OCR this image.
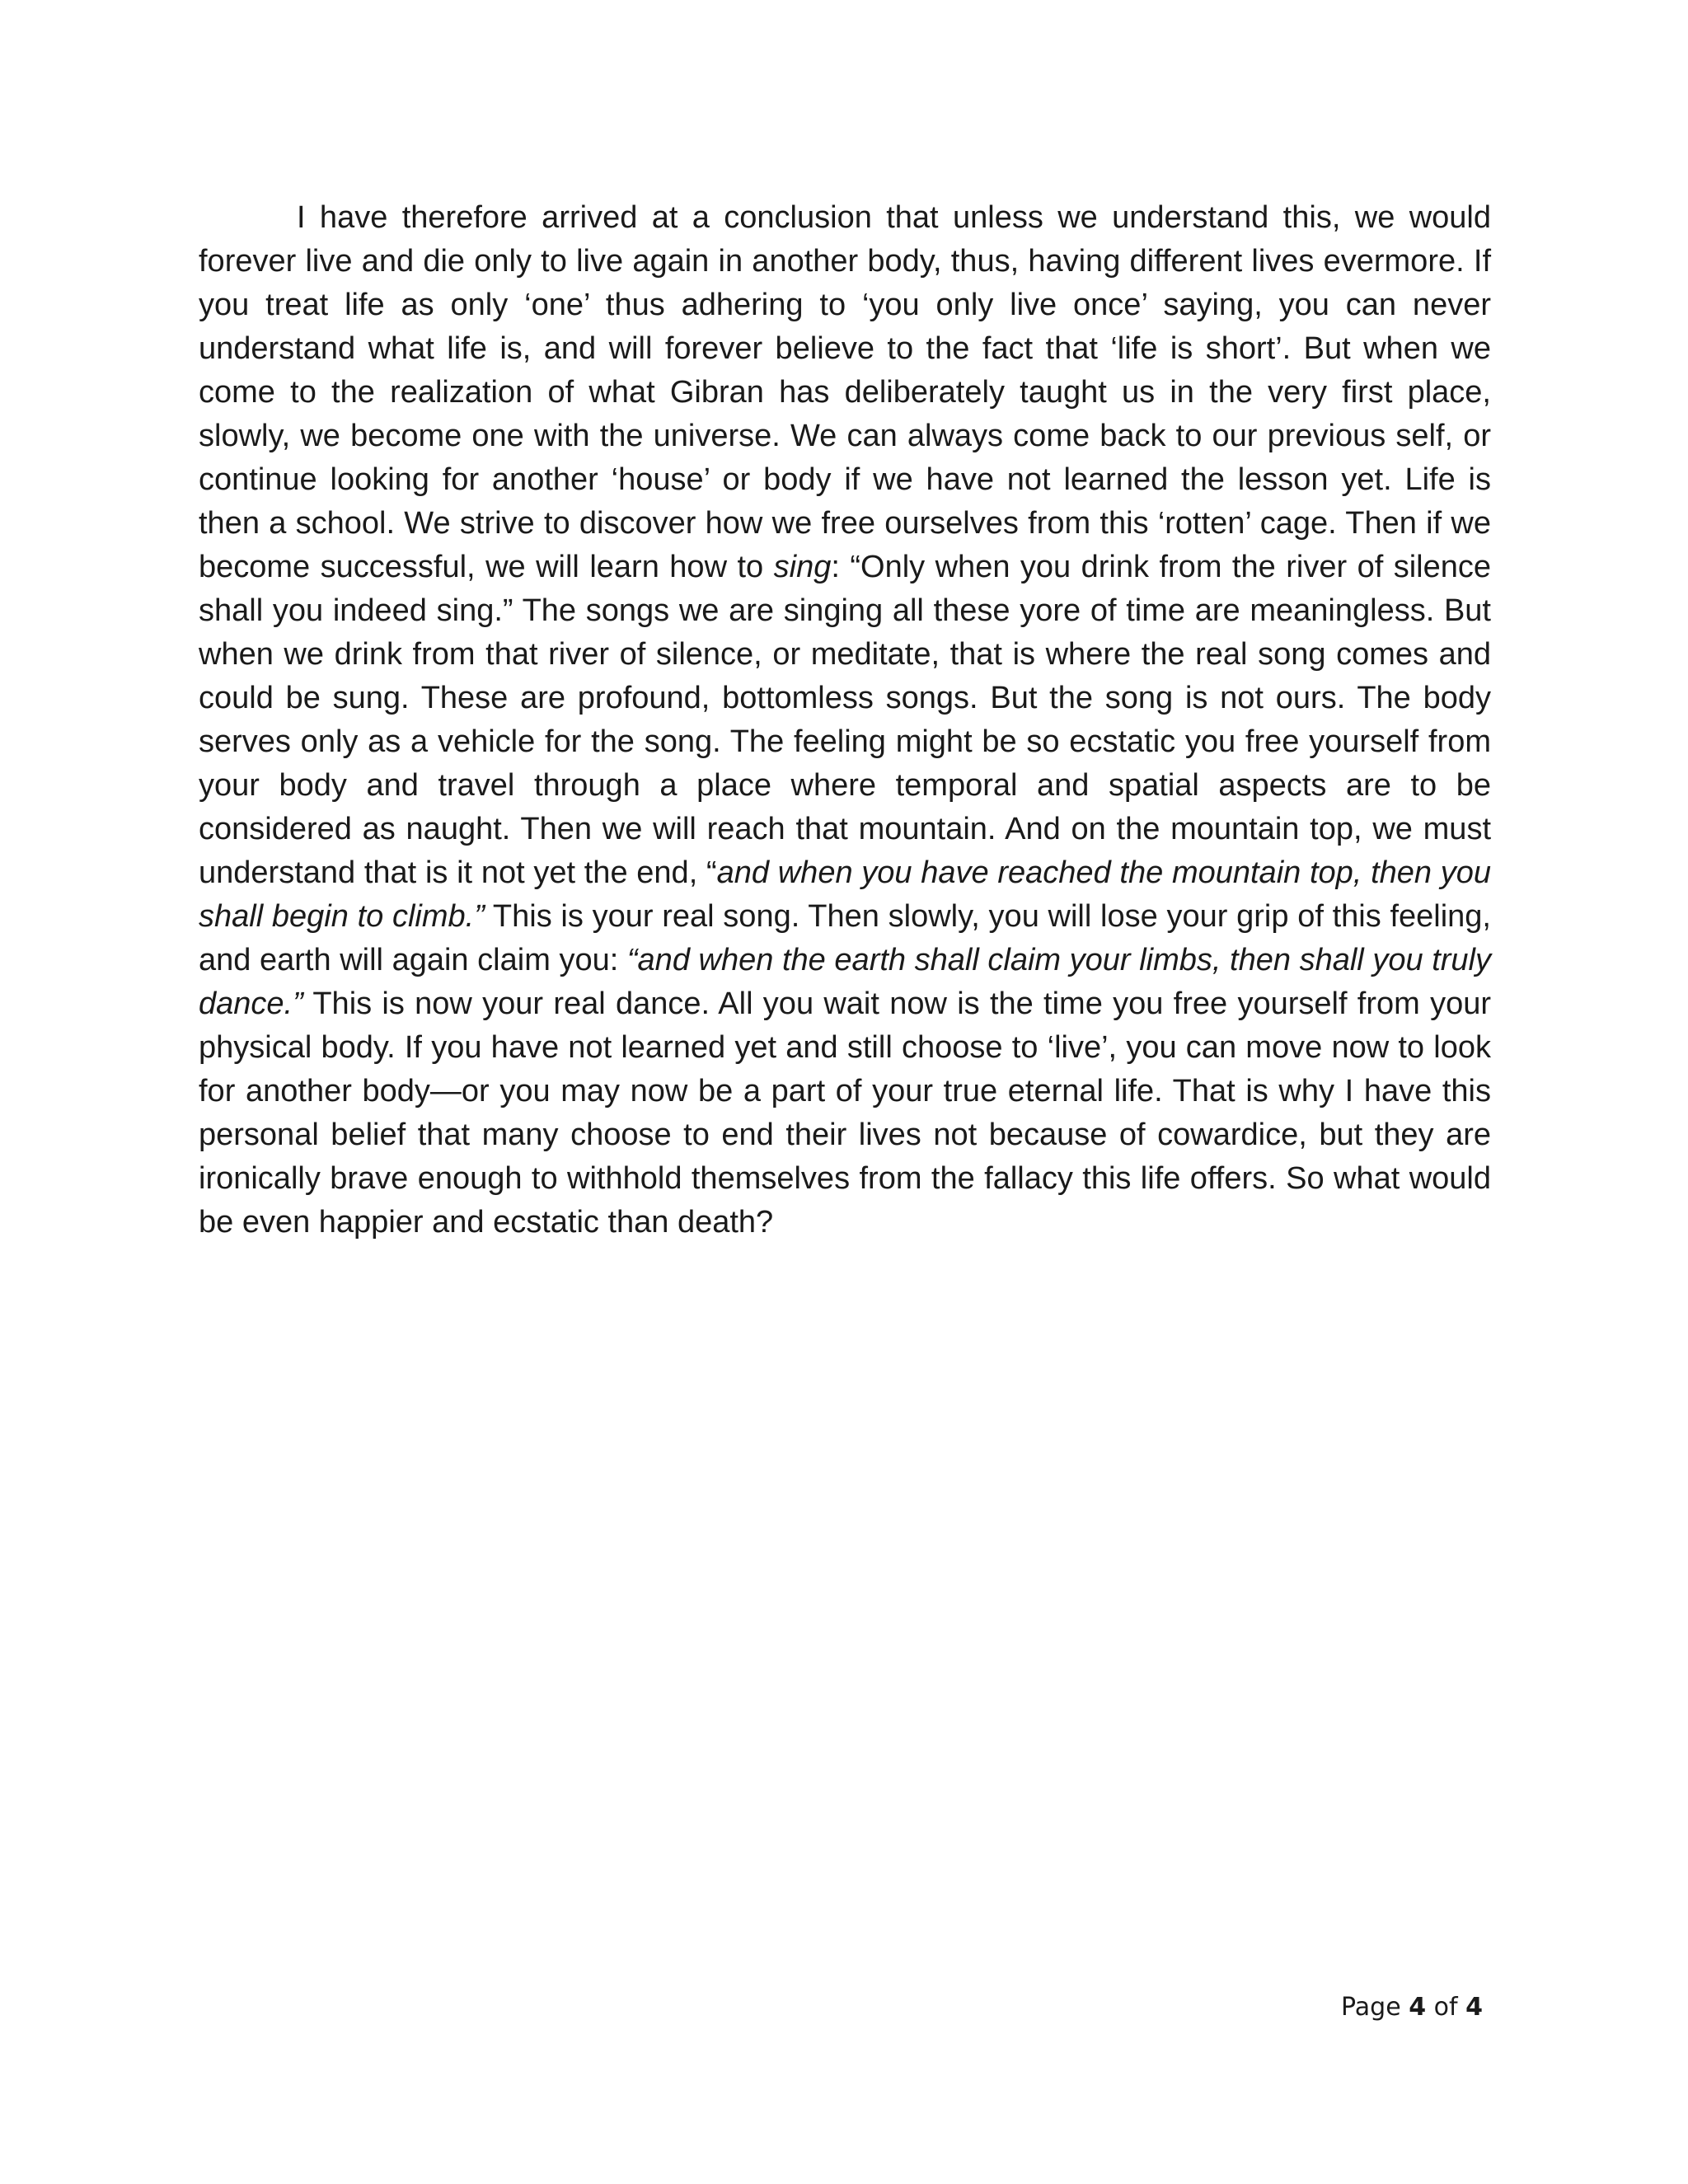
I have therefore arrived at a conclusion that unless we understand this, we would forever live and die only to live again in another body, thus, having different lives evermore. If you treat life as only ‘one’ thus adhering to ‘you only live once’ saying, you can never understand what life is, and will forever believe to the fact that ‘life is short’. But when we come to the realization of what Gibran has deliberately taught us in the very first place, slowly, we become one with the universe. We can always come back to our previous self, or continue looking for another ‘house’ or body if we have not learned the lesson yet. Life is then a school. We strive to discover how we free ourselves from this ‘rotten’ cage. Then if we become successful, we will learn how to sing: “Only when you drink from the river of silence shall you indeed sing.” The songs we are singing all these yore of time are meaningless. But when we drink from that river of silence, or meditate, that is where the real song comes and could be sung. These are profound, bottomless songs. But the song is not ours. The body serves only as a vehicle for the song. The feeling might be so ecstatic you free yourself from your body and travel through a place where temporal and spatial aspects are to be considered as naught. Then we will reach that mountain. And on the mountain top, we must understand that is it not yet the end, “and when you have reached the mountain top, then you shall begin to climb.” This is your real song. Then slowly, you will lose your grip of this feeling, and earth will again claim you: “and when the earth shall claim your limbs, then shall you truly dance.” This is now your real dance. All you wait now is the time you free yourself from your physical body. If you have not learned yet and still choose to ‘live’, you can move now to look for another body—or you may now be a part of your true eternal life. That is why I have this personal belief that many choose to end their lives not because of cowardice, but they are ironically brave enough to withhold themselves from the fallacy this life offers. So what would be even happier and ecstatic than death?

Page 4 of 4
